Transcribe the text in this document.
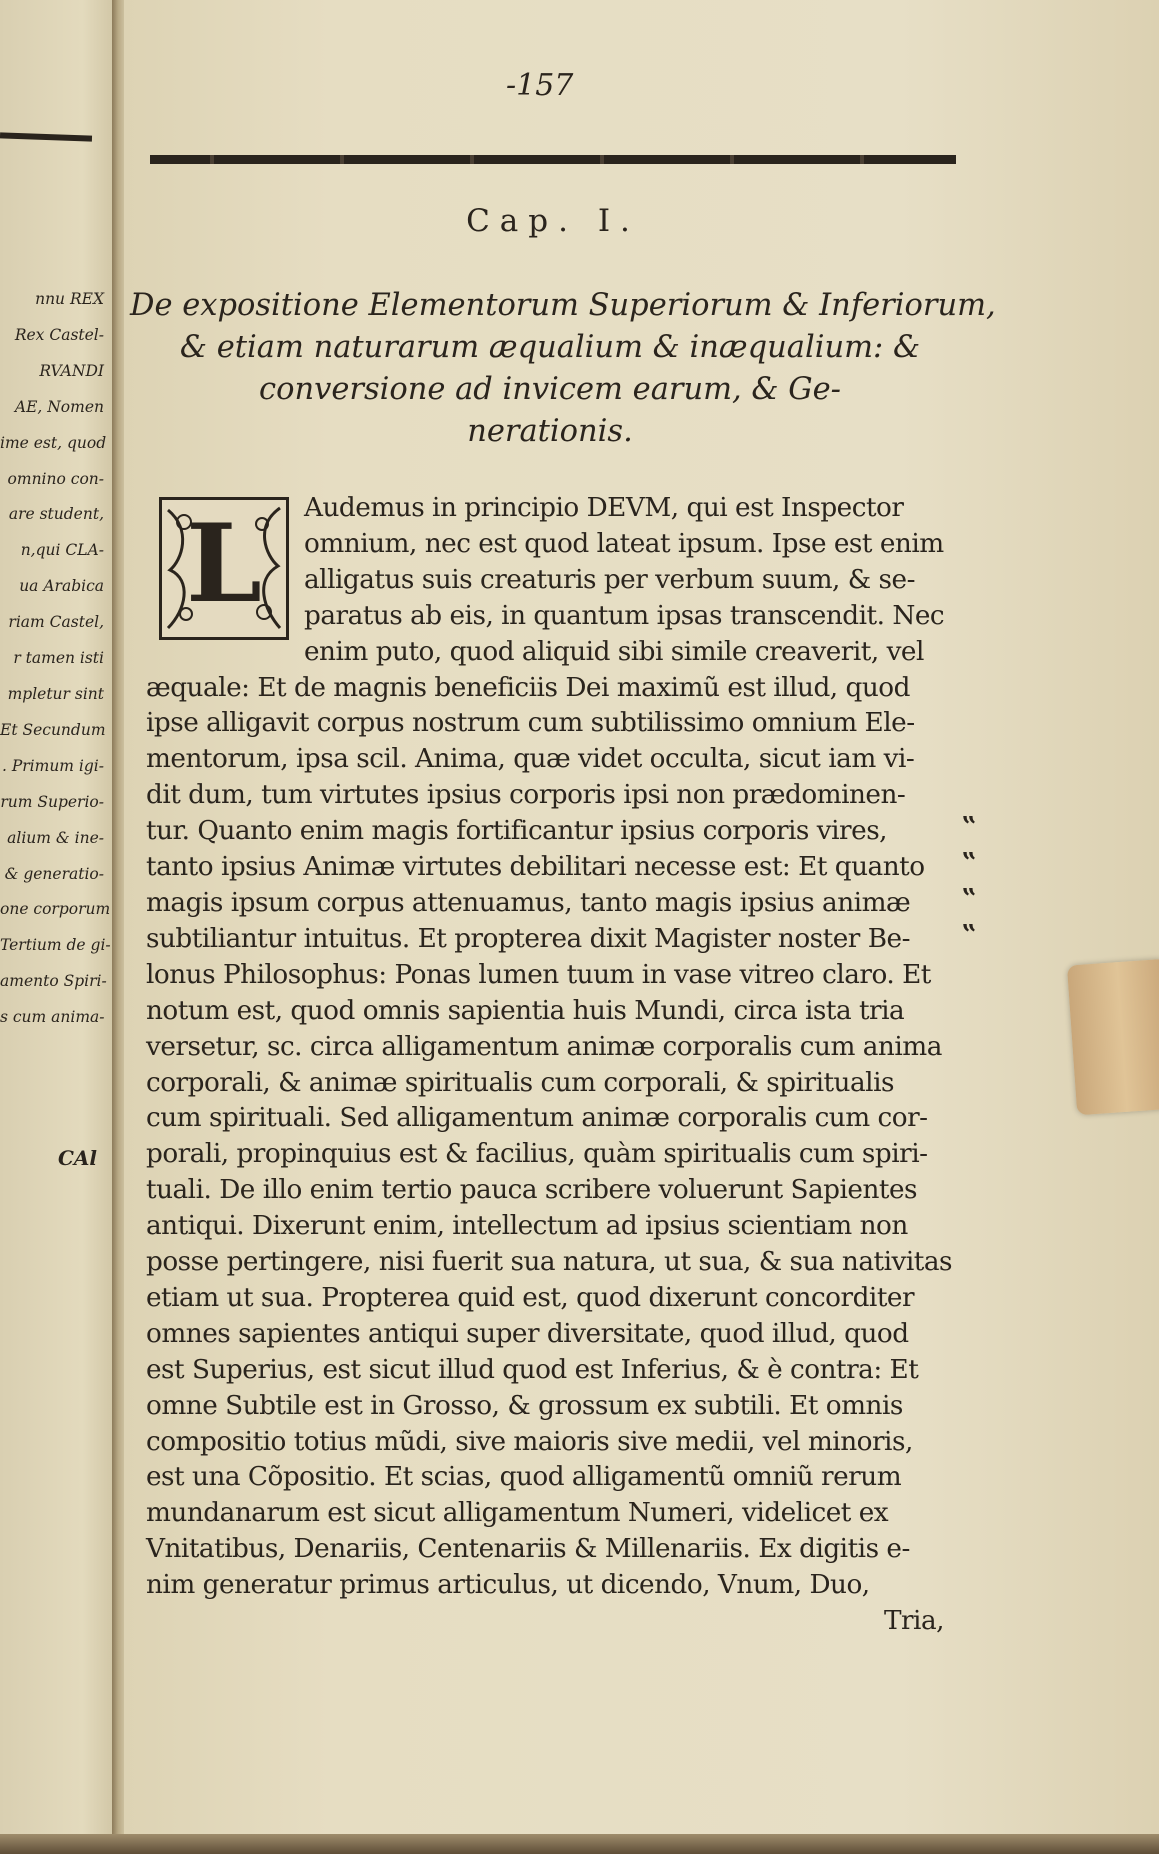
nnu REX
Rex Castel-
RVANDI
AE, Nomen
ime est, quod
omnino con-
are student,
n,qui CLA-
ua Arabica
riam Castel,
r tamen isti
mpletur sint
Et Secundum
. Primum igi-
rum Superio-
alium & ine-
& generatio-
one corporum
Tertium de gi-
amento Spiri-
s cum anima-
CAl
-157
Cap. I.
De expositione Elementorum Superiorum & Inferiorum,
& etiam naturarum æqualium & inæqualium: &
conversione ad invicem earum, & Ge-
nerationis.
L	Audemus in principio DEVM, qui est Inspector
omnium, nec est quod lateat ipsum. Ipse est enim
alligatus suis creaturis per verbum suum, & se-
paratus ab eis, in quantum ipsas transcendit. Nec
enim puto, quod aliquid sibi simile creaverit, vel
æquale: Et de magnis beneficiis Dei maximũ est illud, quod
ipse alligavit corpus nostrum cum subtilissimo omnium Ele-
mentorum, ipsa scil. Anima, quæ videt occulta, sicut iam vi-
dit dum, tum virtutes ipsius corporis ipsi non prædominen-
tur. Quanto enim magis fortificantur ipsius corporis vires,
tanto ipsius Animæ virtutes debilitari necesse est: Et quanto
magis ipsum corpus attenuamus, tanto magis ipsius animæ
subtiliantur intuitus. Et propterea dixit Magister noster Be-
lonus Philosophus: Ponas lumen tuum in vase vitreo claro. Et
notum est, quod omnis sapientia huis Mundi, circa ista tria
versetur, sc. circa alligamentum animæ corporalis cum anima
corporali, & animæ spiritualis cum corporali, & spiritualis
cum spirituali. Sed alligamentum animæ corporalis cum cor-
porali, propinquius est & facilius, quàm spiritualis cum spiri-
tuali. De illo enim tertio pauca scribere voluerunt Sapientes
antiqui. Dixerunt enim, intellectum ad ipsius scientiam non
posse pertingere, nisi fuerit sua natura, ut sua, & sua nativitas
etiam ut sua. Propterea quid est, quod dixerunt concorditer
omnes sapientes antiqui super diversitate, quod illud, quod
est Superius, est sicut illud quod est Inferius, & è contra: Et
omne Subtile est in Grosso, & grossum ex subtili. Et omnis
compositio totius mũdi, sive maioris sive medii, vel minoris,
est una Cõpositio. Et scias, quod alligamentũ omniũ rerum
mundanarum est sicut alligamentum Numeri, videlicet ex
Vnitatibus, Denariis, Centenariis & Millenariis. Ex digitis e-
nim generatur primus articulus, ut dicendo, Vnum, Duo,
Tria,
‟
‟
‟
‟
